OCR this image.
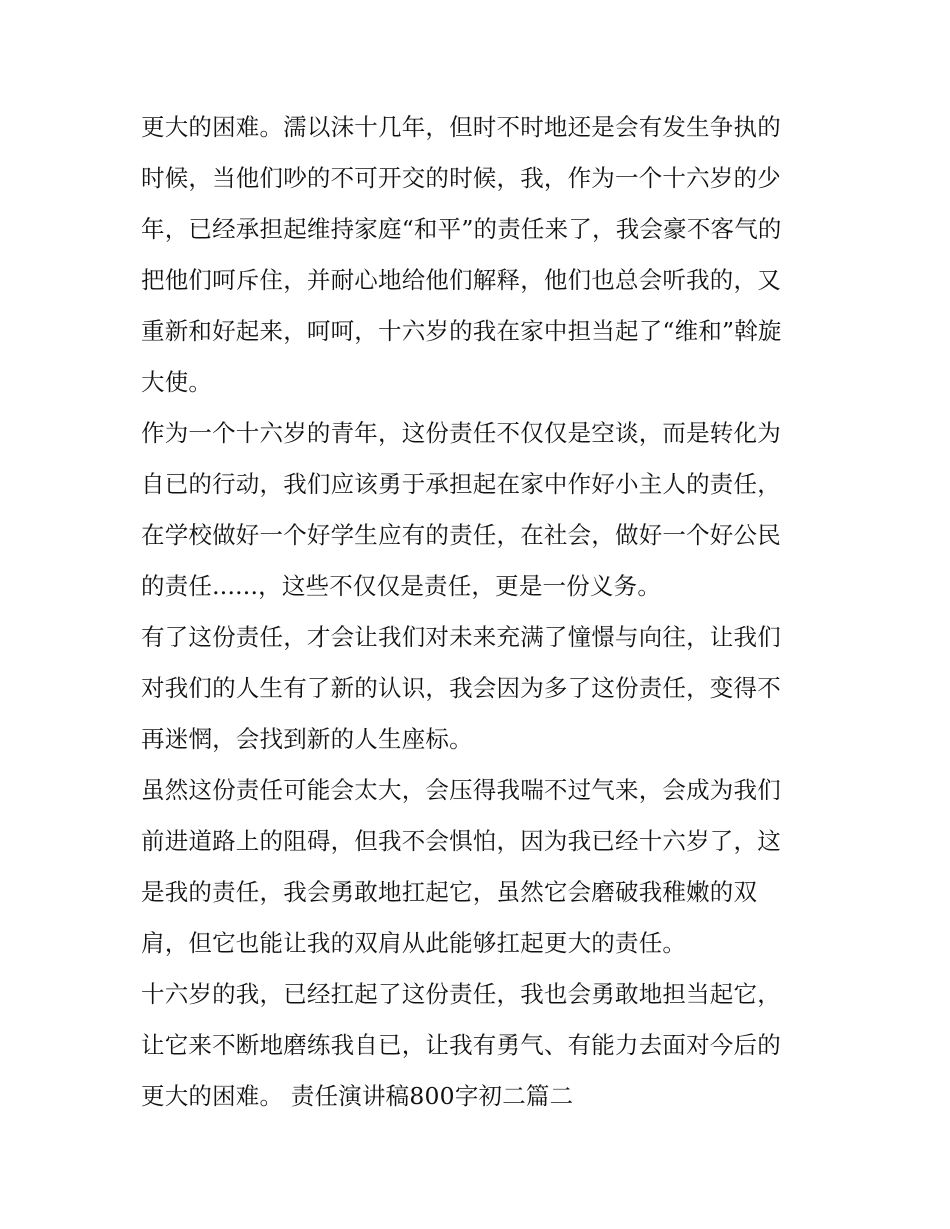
更大的困难。濡以沫十几年，但时不时地还是会有发生争执的
时候，当他们吵的不可开交的时候，我，作为一个十六岁的少
年，已经承担起维持家庭“和平”的责任来了，我会豪不客气的
把他们呵斥住，并耐心地给他们解释，他们也总会听我的，又
重新和好起来，呵呵，十六岁的我在家中担当起了“维和”斡旋
大使。
作为一个十六岁的青年，这份责任不仅仅是空谈，而是转化为
自已的行动，我们应该勇于承担起在家中作好小主人的责任，
在学校做好一个好学生应有的责任，在社会，做好一个好公民
的责任......，这些不仅仅是责任，更是一份义务。
有了这份责任，才会让我们对未来充满了憧憬与向往，让我们
对我们的人生有了新的认识，我会因为多了这份责任，变得不
再迷惘，会找到新的人生座标。
虽然这份责任可能会太大，会压得我喘不过气来，会成为我们
前进道路上的阻碍，但我不会惧怕，因为我已经十六岁了，这
是我的责任，我会勇敢地扛起它，虽然它会磨破我稚嫩的双
肩，但它也能让我的双肩从此能够扛起更大的责任。
十六岁的我，已经扛起了这份责任，我也会勇敢地担当起它，
让它来不断地磨练我自已，让我有勇气、有能力去面对今后的
更大的困难。 责任演讲稿800字初二篇二
